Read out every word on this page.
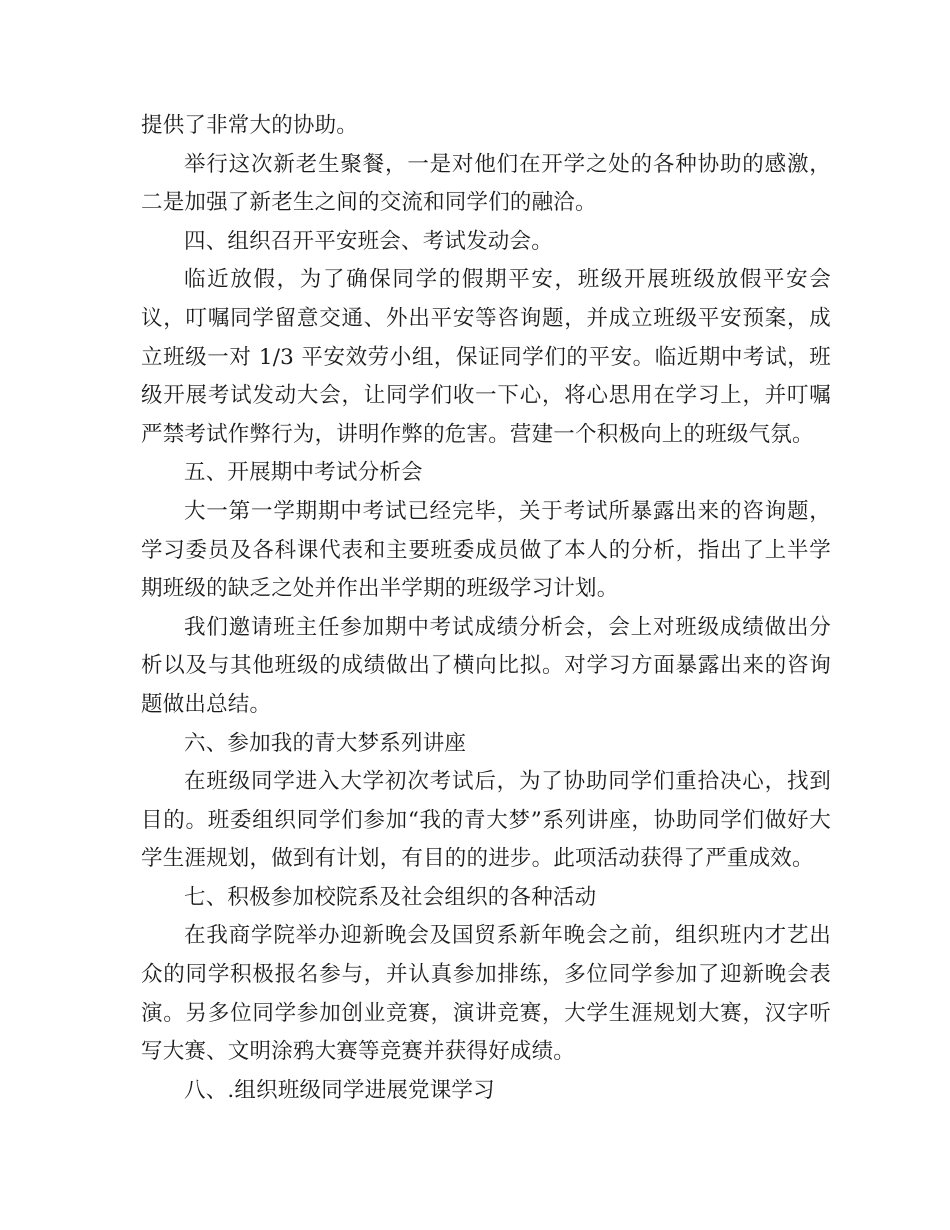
提供了非常大的协助。

举行这次新老生聚餐，一是对他们在开学之处的各种协助的感激，二是加强了新老生之间的交流和同学们的融洽。

四、组织召开平安班会、考试发动会。

临近放假，为了确保同学的假期平安，班级开展班级放假平安会议，叮嘱同学留意交通、外出平安等咨询题，并成立班级平安预案，成立班级一对 1/3 平安效劳小组，保证同学们的平安。临近期中考试，班级开展考试发动大会，让同学们收一下心，将心思用在学习上，并叮嘱严禁考试作弊行为，讲明作弊的危害。营建一个积极向上的班级气氛。

五、开展期中考试分析会

大一第一学期期中考试已经完毕，关于考试所暴露出来的咨询题，学习委员及各科课代表和主要班委成员做了本人的分析，指出了上半学期班级的缺乏之处并作出半学期的班级学习计划。

我们邀请班主任参加期中考试成绩分析会，会上对班级成绩做出分析以及与其他班级的成绩做出了横向比拟。对学习方面暴露出来的咨询题做出总结。

六、参加我的青大梦系列讲座

在班级同学进入大学初次考试后，为了协助同学们重拾决心，找到目的。班委组织同学们参加“我的青大梦”系列讲座，协助同学们做好大学生涯规划，做到有计划，有目的的进步。此项活动获得了严重成效。

七、积极参加校院系及社会组织的各种活动

在我商学院举办迎新晚会及国贸系新年晚会之前，组织班内才艺出众的同学积极报名参与，并认真参加排练，多位同学参加了迎新晚会表演。另多位同学参加创业竞赛，演讲竞赛，大学生涯规划大赛，汉字听写大赛、文明涂鸦大赛等竞赛并获得好成绩。

八、.组织班级同学进展党课学习
